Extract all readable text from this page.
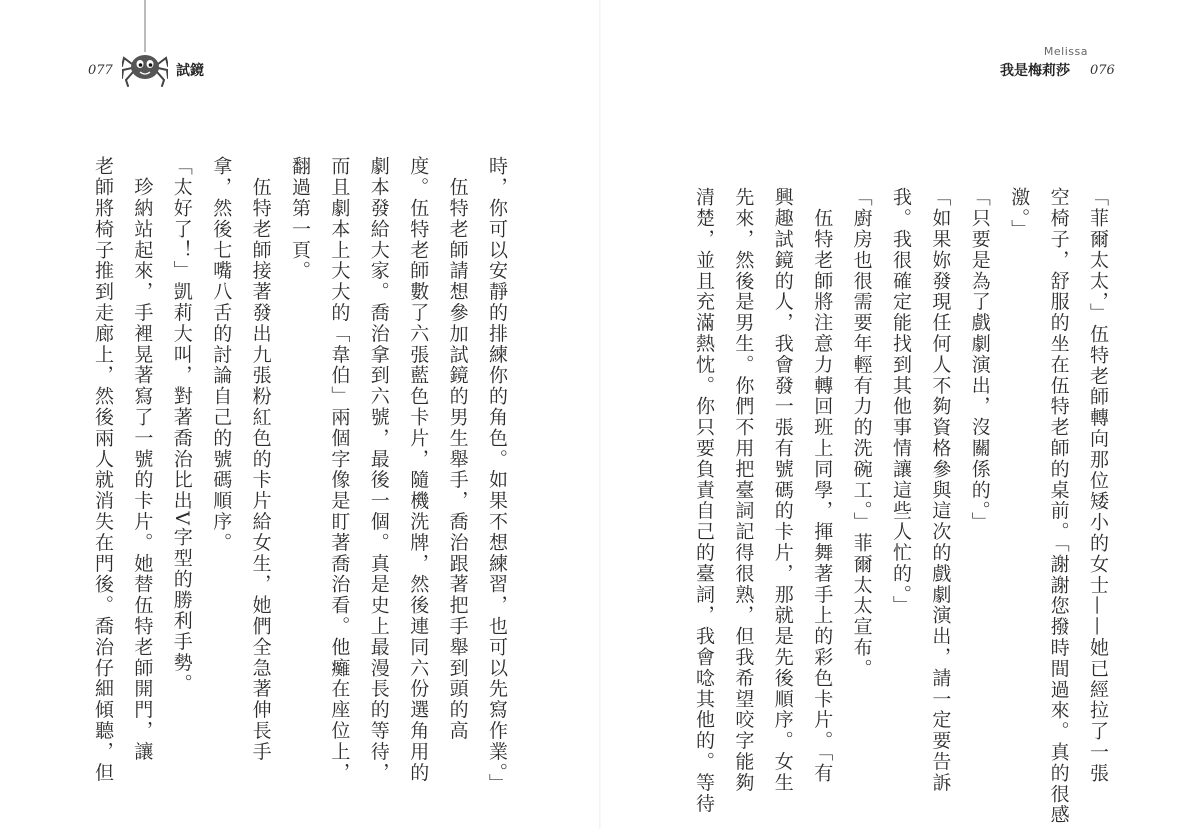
077	試鏡
時，你可以安靜的排練你的角色。如果不想練習，也可以先寫作業。」
　伍特老師請想參加試鏡的男生舉手，喬治跟著把手舉到頭的高
度。伍特老師數了六張藍色卡片，隨機洗牌，然後連同六份選角用的
劇本發給大家。喬治拿到六號，最後一個。真是史上最漫長的等待，
而且劇本上大大的「韋伯」兩個字像是盯著喬治看。他癱在座位上，
翻過第一頁。
　伍特老師接著發出九張粉紅色的卡片給女生，她們全急著伸長手
拿，然後七嘴八舌的討論自己的號碼順序。
「太好了！」凱莉大叫，對著喬治比出V字型的勝利手勢。
　珍納站起來，手裡晃著寫了一號的卡片。她替伍特老師開門，讓
老師將椅子推到走廊上，然後兩人就消失在門後。喬治仔細傾聽，但
Melissa
我是梅莉莎 076
「菲爾太太，」伍特老師轉向那位矮小的女士——她已經拉了一張
空椅子，舒服的坐在伍特老師的桌前。「謝謝您撥時間過來。真的很感
激。」
「只要是為了戲劇演出，沒關係的。」
「如果妳發現任何人不夠資格參與這次的戲劇演出，請一定要告訴
我。我很確定能找到其他事情讓這些人忙的。」
「廚房也很需要年輕有力的洗碗工。」菲爾太太宣布。
　伍特老師將注意力轉回班上同學，揮舞著手上的彩色卡片。「有
興趣試鏡的人，我會發一張有號碼的卡片，那就是先後順序。女生
先來，然後是男生。你們不用把臺詞記得很熟，但我希望咬字能夠
清楚，並且充滿熱忱。你只要負責自己的臺詞，我會唸其他的。等待
